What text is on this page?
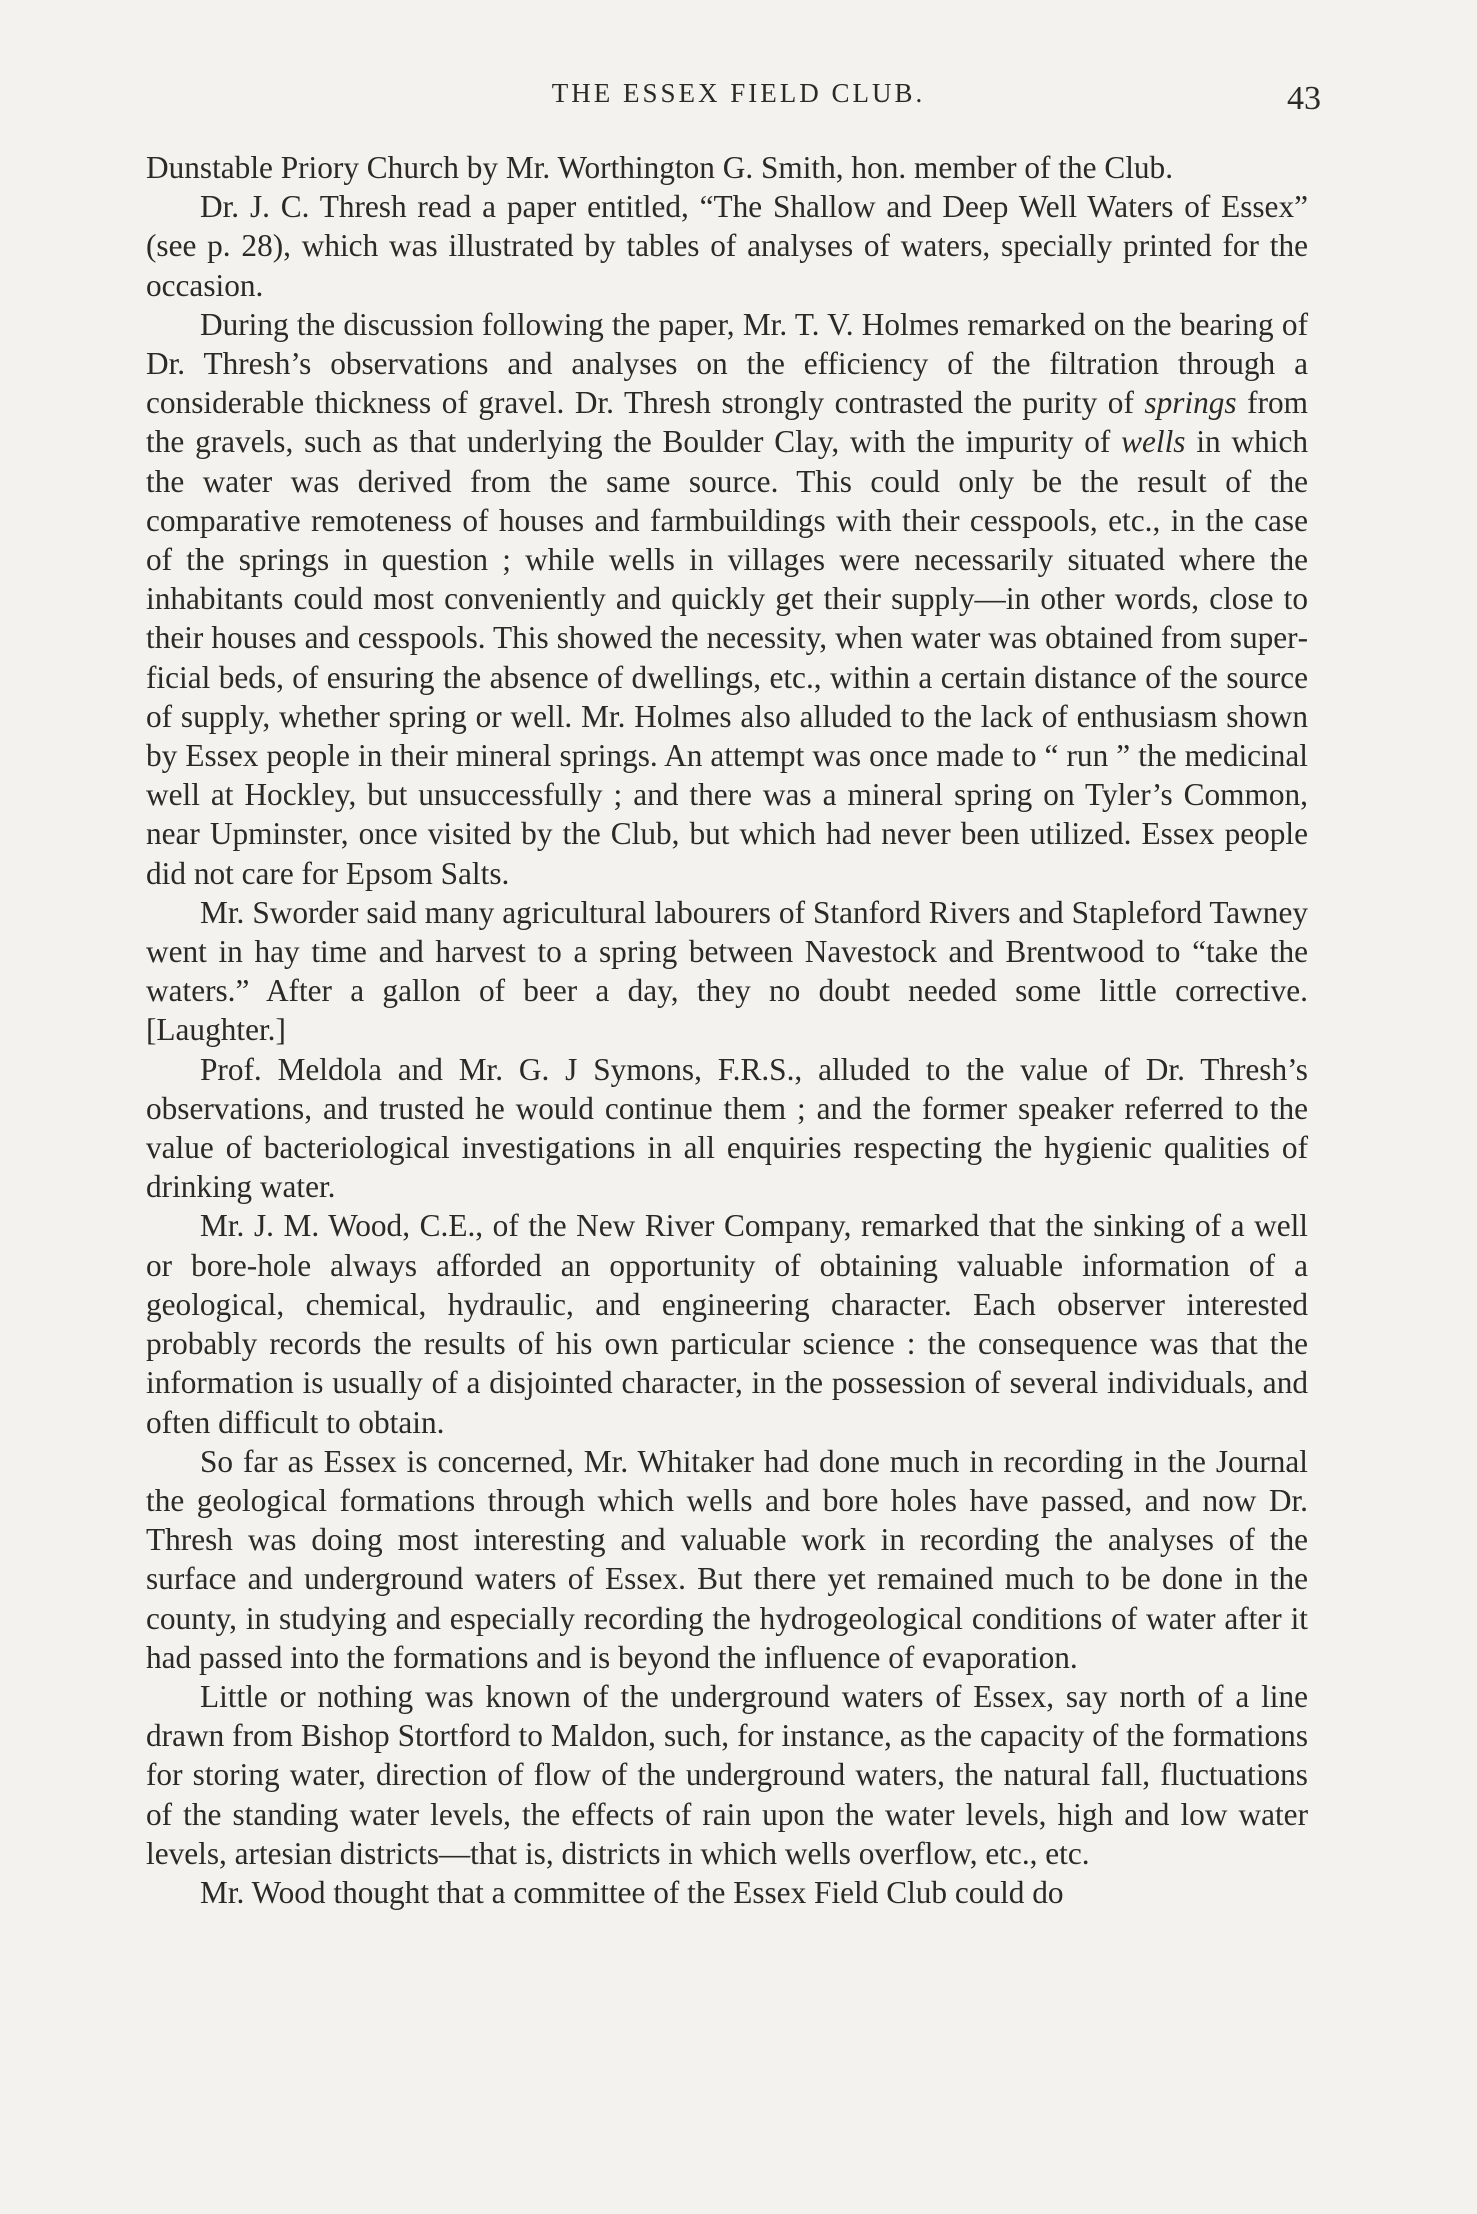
THE ESSEX FIELD CLUB.	43

Dunstable Priory Church by Mr. Worthington G. Smith, hon. member of the Club.

Dr. J. C. Thresh read a paper entitled, “The Shallow and Deep Well Waters of Essex” (see p. 28), which was illustrated by tables of analyses of waters, specially printed for the occasion.

During the discussion following the paper, Mr. T. V. Holmes remarked on the bearing of Dr. Thresh’s observations and analyses on the efficiency of the filtration through a considerable thickness of gravel. Dr. Thresh strongly contrasted the purity of springs from the gravels, such as that underlying the Boulder Clay, with the impurity of wells in which the water was derived from the same source. This could only be the result of the comparative remoteness of houses and farmbuildings with their cesspools, etc., in the case of the springs in question ; while wells in villages were necessarily situated where the inhabitants could most conveniently and quickly get their supply—in other words, close to their houses and cesspools. This showed the necessity, when water was obtained from superficial beds, of ensuring the absence of dwellings, etc., within a certain distance of the source of supply, whether spring or well. Mr. Holmes also alluded to the lack of enthusiasm shown by Essex people in their mineral springs. An attempt was once made to “ run ” the medicinal well at Hockley, but unsuccessfully ; and there was a mineral spring on Tyler’s Common, near Upminster, once visited by the Club, but which had never been utilized. Essex people did not care for Epsom Salts.

Mr. Sworder said many agricultural labourers of Stanford Rivers and Stapleford Tawney went in hay time and harvest to a spring between Navestock and Brentwood to “take the waters.” After a gallon of beer a day, they no doubt needed some little corrective. [Laughter.]

Prof. Meldola and Mr. G. J Symons, F.R.S., alluded to the value of Dr. Thresh’s observations, and trusted he would continue them ; and the former speaker referred to the value of bacteriological investigations in all enquiries respecting the hygienic qualities of drinking water.

Mr. J. M. Wood, C.E., of the New River Company, remarked that the sinking of a well or bore-hole always afforded an opportunity of obtaining valuable information of a geological, chemical, hydraulic, and engineering character. Each observer interested probably records the results of his own particular science : the consequence was that the information is usually of a disjointed character, in the possession of several individuals, and often difficult to obtain.

So far as Essex is concerned, Mr. Whitaker had done much in recording in the Journal the geological formations through which wells and bore holes have passed, and now Dr. Thresh was doing most interesting and valuable work in recording the analyses of the surface and underground waters of Essex. But there yet remained much to be done in the county, in studying and especially recording the hydrogeological conditions of water after it had passed into the formations and is beyond the influence of evaporation.

Little or nothing was known of the underground waters of Essex, say north of a line drawn from Bishop Stortford to Maldon, such, for instance, as the capacity of the formations for storing water, direction of flow of the underground waters, the natural fall, fluctuations of the standing water levels, the effects of rain upon the water levels, high and low water levels, artesian districts—that is, districts in which wells overflow, etc., etc.

Mr. Wood thought that a committee of the Essex Field Club could do
